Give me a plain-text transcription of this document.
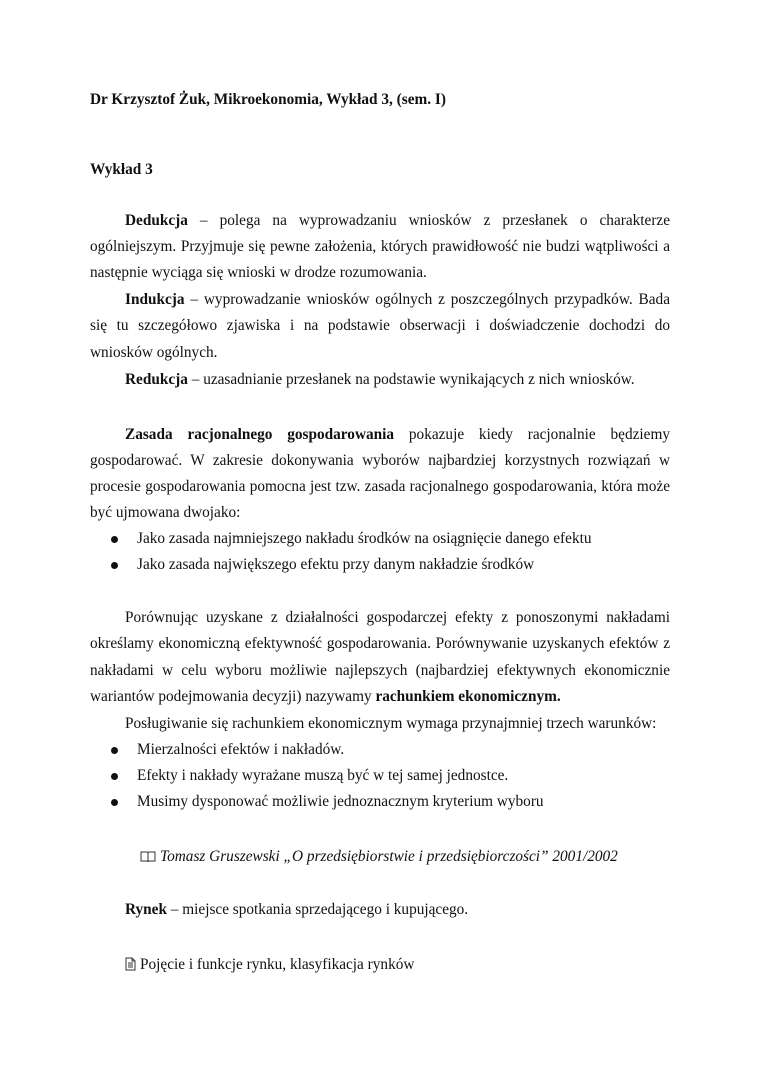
Dr Krzysztof Żuk, Mikroekonomia, Wykład 3, (sem. I)
Wykład 3
Dedukcja – polega na wyprowadzaniu wniosków z przesłanek o charakterze
ogólniejszym. Przyjmuje się pewne założenia, których prawidłowość nie budzi wątpliwości a
następnie wyciąga się wnioski w drodze rozumowania.
Indukcja – wyprowadzanie wniosków ogólnych z poszczególnych przypadków. Bada
się tu szczegółowo zjawiska i na podstawie obserwacji i doświadczenie dochodzi do
wniosków ogólnych.
Redukcja – uzasadnianie przesłanek na podstawie wynikających z nich wniosków.
Zasada racjonalnego gospodarowania pokazuje kiedy racjonalnie będziemy
gospodarować. W zakresie dokonywania wyborów najbardziej korzystnych rozwiązań w
procesie gospodarowania pomocna jest tzw. zasada racjonalnego gospodarowania, która może
być ujmowana dwojako:
Jako zasada najmniejszego nakładu środków na osiągnięcie danego efektu
Jako zasada największego efektu przy danym nakładzie środków
Porównując uzyskane z działalności gospodarczej efekty z ponoszonymi nakładami
określamy ekonomiczną efektywność gospodarowania. Porównywanie uzyskanych efektów z
nakładami w celu wyboru możliwie najlepszych (najbardziej efektywnych ekonomicznie
wariantów podejmowania decyzji) nazywamy rachunkiem ekonomicznym.
Posługiwanie się rachunkiem ekonomicznym wymaga przynajmniej trzech warunków:
Mierzalności efektów i nakładów.
Efekty i nakłady wyrażane muszą być w tej samej jednostce.
Musimy dysponować możliwie jednoznacznym kryterium wyboru
Tomasz Gruszewski „O przedsiębiorstwie i przedsiębiorczości” 2001/2002
Rynek – miejsce spotkania sprzedającego i kupującego.
Pojęcie i funkcje rynku, klasyfikacja rynków
